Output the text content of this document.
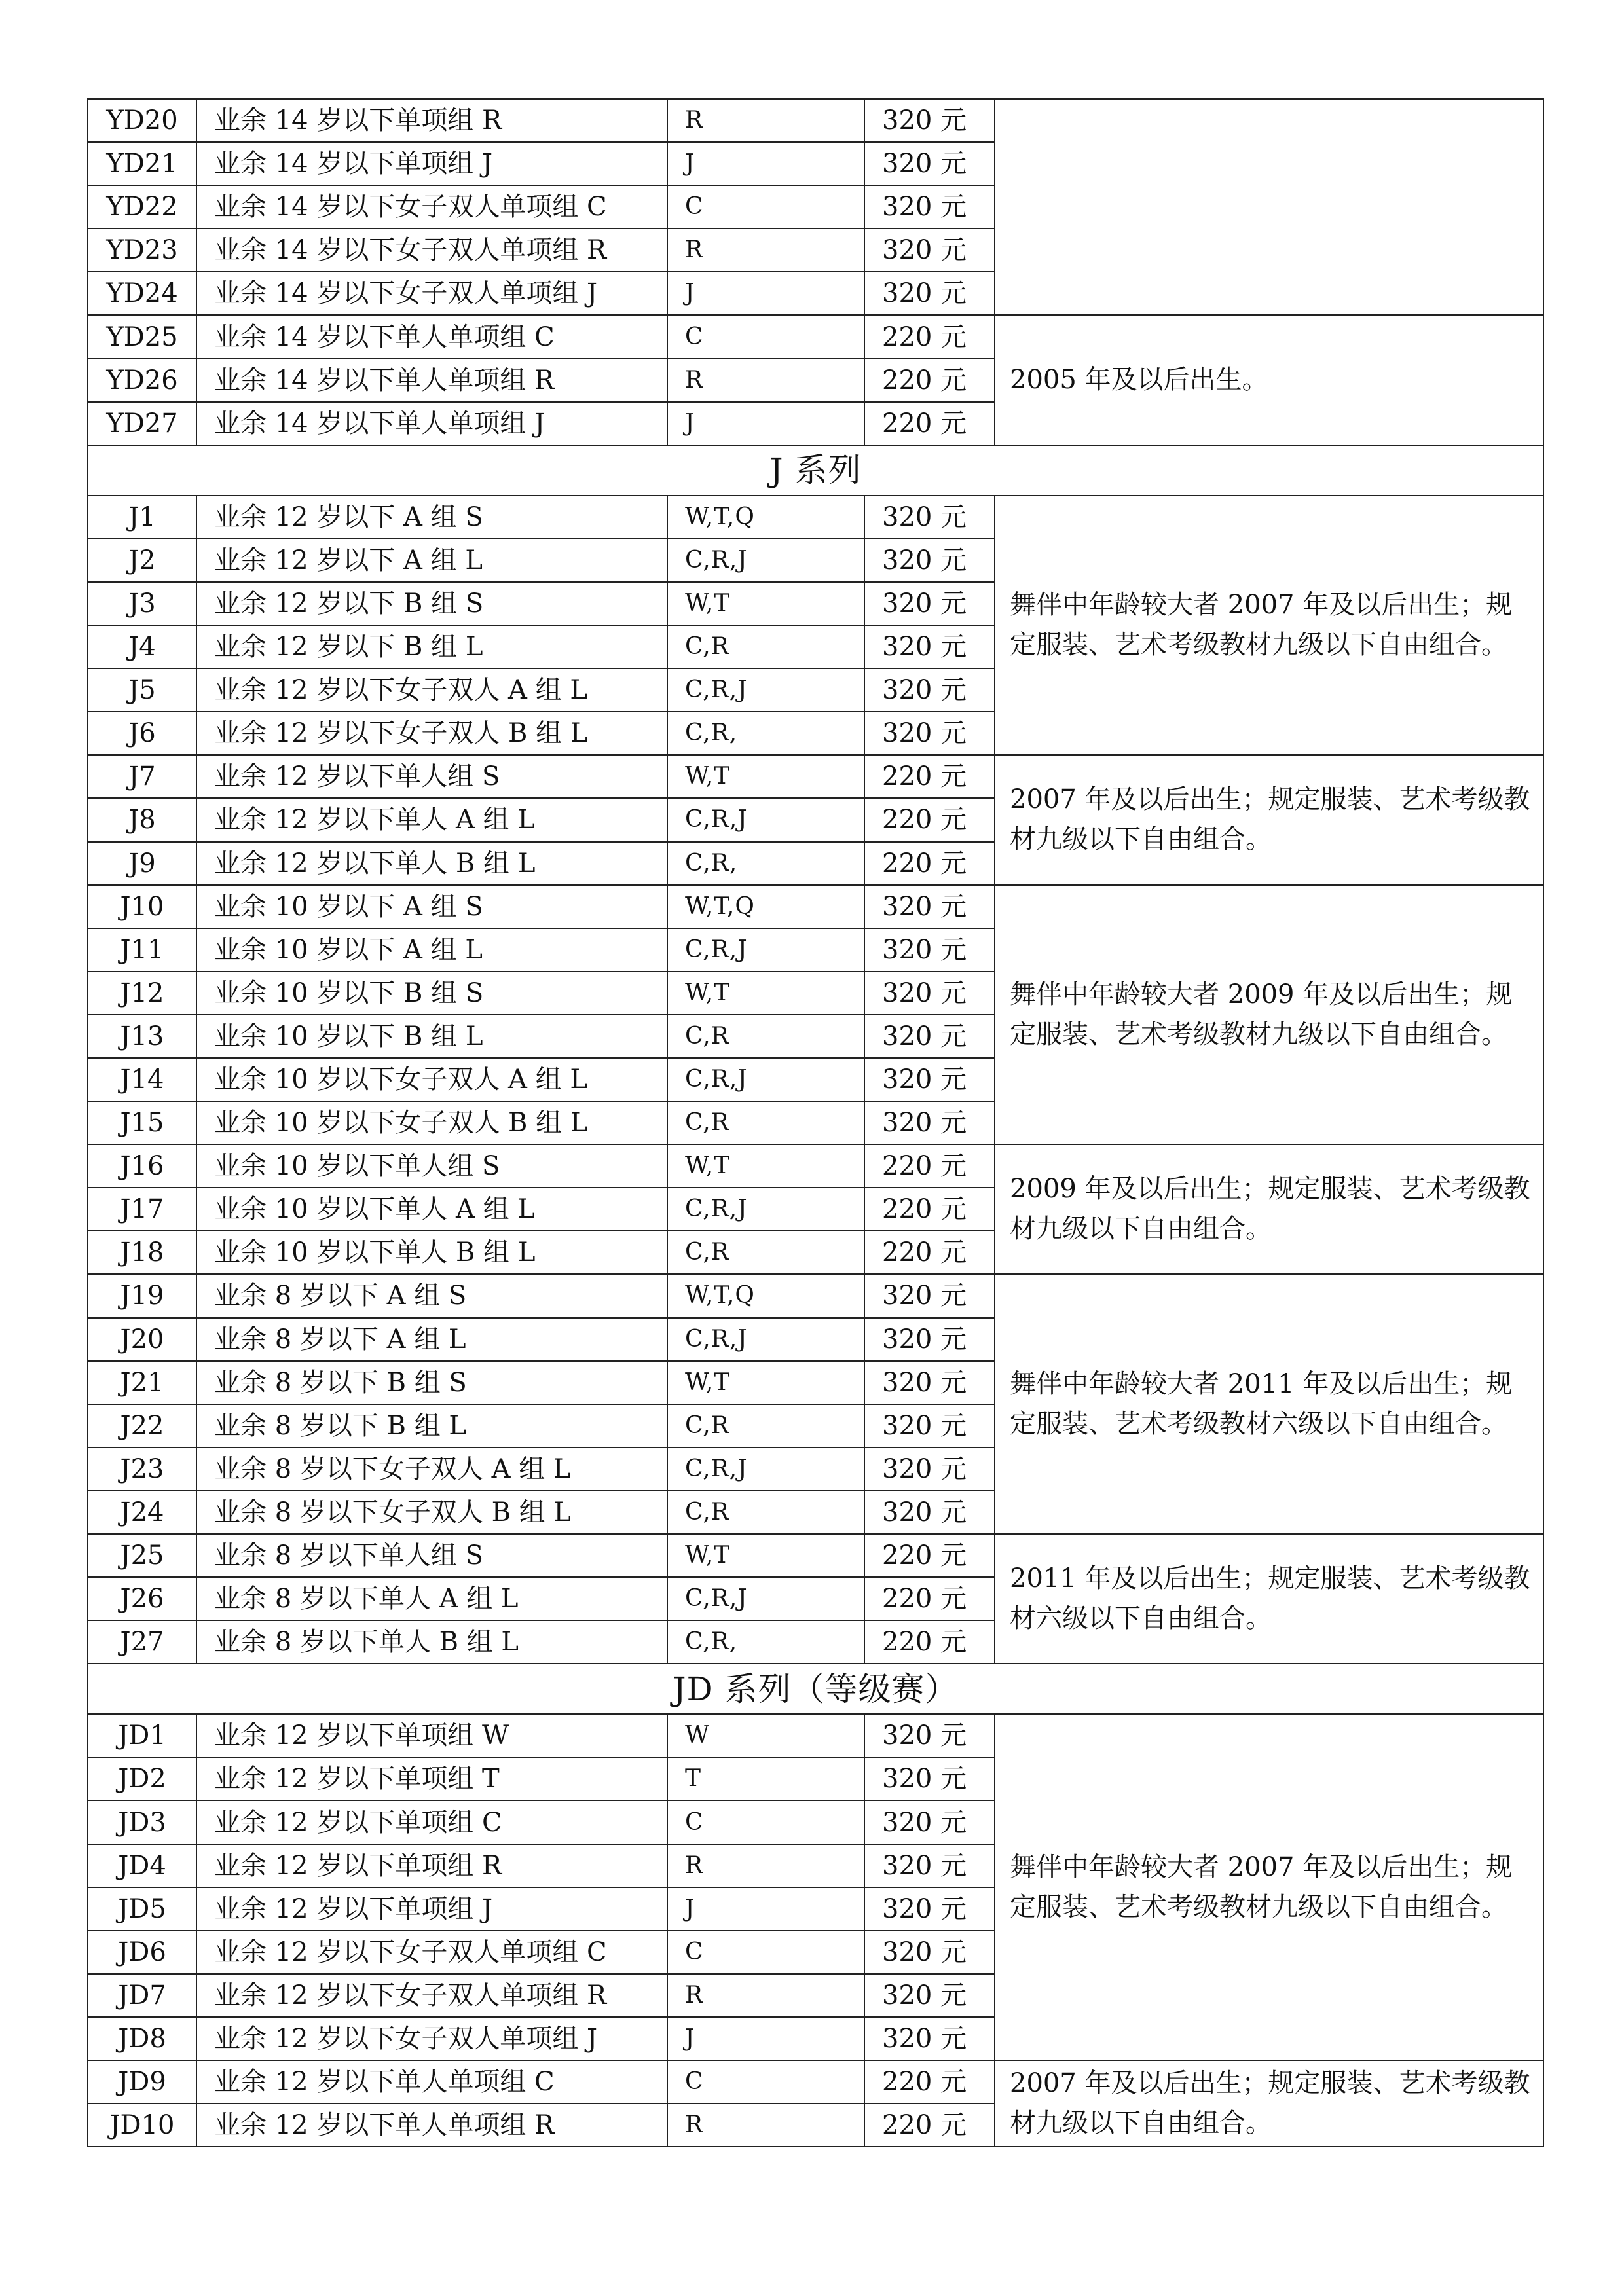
YD20	业余 14 岁以下单项组 R	R	320 元	
YD21	业余 14 岁以下单项组 J	J	320 元	
YD22	业余 14 岁以下女子双人单项组 C	C	320 元	
YD23	业余 14 岁以下女子双人单项组 R	R	320 元	
YD24	业余 14 岁以下女子双人单项组 J	J	320 元	
YD25	业余 14 岁以下单人单项组 C	C	220 元	2005 年及以后出生。
YD26	业余 14 岁以下单人单项组 R	R	220 元	
YD27	业余 14 岁以下单人单项组 J	J	220 元	
J 系列				
J1	业余 12 岁以下 A 组 S	W,T,Q	320 元	舞伴中年龄较大者 2007 年及以后出生；规定服装、艺术考级教材九级以下自由组合。
J2	业余 12 岁以下 A 组 L	C,R,J	320 元	
J3	业余 12 岁以下 B 组 S	W,T	320 元	
J4	业余 12 岁以下 B 组 L	C,R	320 元	
J5	业余 12 岁以下女子双人 A 组 L	C,R,J	320 元	
J6	业余 12 岁以下女子双人 B 组 L	C,R,	320 元	
J7	业余 12 岁以下单人组 S	W,T	220 元	2007 年及以后出生；规定服装、艺术考级教材九级以下自由组合。
J8	业余 12 岁以下单人 A 组 L	C,R,J	220 元	
J9	业余 12 岁以下单人 B 组 L	C,R,	220 元	
J10	业余 10 岁以下 A 组 S	W,T,Q	320 元	舞伴中年龄较大者 2009 年及以后出生；规定服装、艺术考级教材九级以下自由组合。
J11	业余 10 岁以下 A 组 L	C,R,J	320 元	
J12	业余 10 岁以下 B 组 S	W,T	320 元	
J13	业余 10 岁以下 B 组 L	C,R	320 元	
J14	业余 10 岁以下女子双人 A 组 L	C,R,J	320 元	
J15	业余 10 岁以下女子双人 B 组 L	C,R	320 元	
J16	业余 10 岁以下单人组 S	W,T	220 元	2009 年及以后出生；规定服装、艺术考级教材九级以下自由组合。
J17	业余 10 岁以下单人 A 组 L	C,R,J	220 元	
J18	业余 10 岁以下单人 B 组 L	C,R	220 元	
J19	业余 8 岁以下 A 组 S	W,T,Q	320 元	舞伴中年龄较大者 2011 年及以后出生；规定服装、艺术考级教材六级以下自由组合。
J20	业余 8 岁以下 A 组 L	C,R,J	320 元	
J21	业余 8 岁以下 B 组 S	W,T	320 元	
J22	业余 8 岁以下 B 组 L	C,R	320 元	
J23	业余 8 岁以下女子双人 A 组 L	C,R,J	320 元	
J24	业余 8 岁以下女子双人 B 组 L	C,R	320 元	
J25	业余 8 岁以下单人组 S	W,T	220 元	2011 年及以后出生；规定服装、艺术考级教材六级以下自由组合。
J26	业余 8 岁以下单人 A 组 L	C,R,J	220 元	
J27	业余 8 岁以下单人 B 组 L	C,R,	220 元	
JD 系列（等级赛）				
JD1	业余 12 岁以下单项组 W	W	320 元	舞伴中年龄较大者 2007 年及以后出生；规定服装、艺术考级教材九级以下自由组合。
JD2	业余 12 岁以下单项组 T	T	320 元	
JD3	业余 12 岁以下单项组 C	C	320 元	
JD4	业余 12 岁以下单项组 R	R	320 元	
JD5	业余 12 岁以下单项组 J	J	320 元	
JD6	业余 12 岁以下女子双人单项组 C	C	320 元	
JD7	业余 12 岁以下女子双人单项组 R	R	320 元	
JD8	业余 12 岁以下女子双人单项组 J	J	320 元	
JD9	业余 12 岁以下单人单项组 C	C	220 元	2007 年及以后出生；规定服装、艺术考级教材九级以下自由组合。
JD10	业余 12 岁以下单人单项组 R	R	220 元	
